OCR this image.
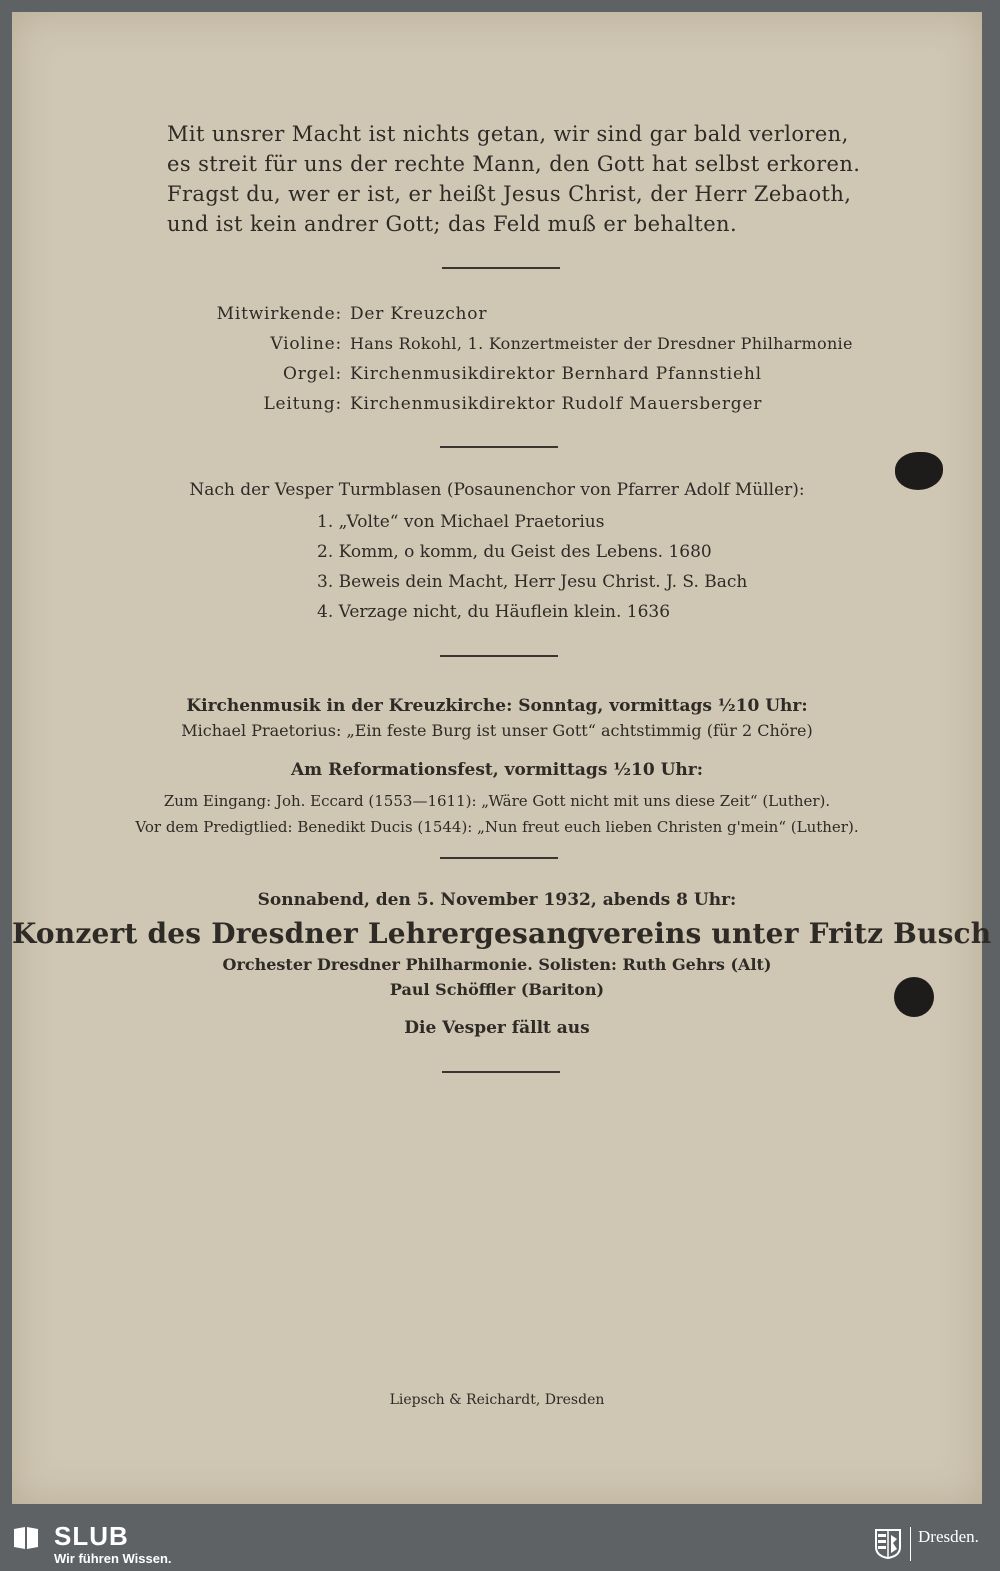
Mit unsrer Macht ist nichts getan, wir sind gar bald verloren,
es streit für uns der rechte Mann, den Gott hat selbst erkoren.
Fragst du, wer er ist, er heißt Jesus Christ, der Herr Zebaoth,
und ist kein andrer Gott; das Feld muß er behalten.
Mitwirkende: Der Kreuzchor
Violine: Hans Rokohl, 1. Konzertmeister der Dresdner Philharmonie
Orgel: Kirchenmusikdirektor Bernhard Pfannstiehl
Leitung: Kirchenmusikdirektor Rudolf Mauersberger
Nach der Vesper Turmblasen (Posaunenchor von Pfarrer Adolf Müller):
1. „Volte“ von Michael Praetorius
2. Komm, o komm, du Geist des Lebens. 1680
3. Beweis dein Macht, Herr Jesu Christ. J. S. Bach
4. Verzage nicht, du Häuflein klein. 1636
Kirchenmusik in der Kreuzkirche: Sonntag, vormittags ½10 Uhr:
Michael Praetorius: „Ein feste Burg ist unser Gott“ achtstimmig (für 2 Chöre)
Am Reformationsfest, vormittags ½10 Uhr:
Zum Eingang: Joh. Eccard (1553—1611): „Wäre Gott nicht mit uns diese Zeit“ (Luther).
Vor dem Predigtlied: Benedikt Ducis (1544): „Nun freut euch lieben Christen g'mein“ (Luther).
Sonnabend, den 5. November 1932, abends 8 Uhr:
Konzert des Dresdner Lehrergesangvereins unter Fritz Busch
Orchester Dresdner Philharmonie. Solisten: Ruth Gehrs (Alt)
Paul Schöffler (Bariton)
Die Vesper fällt aus
Liepsch & Reichardt, Dresden
SLUB
Wir führen Wissen.
Dresden.
